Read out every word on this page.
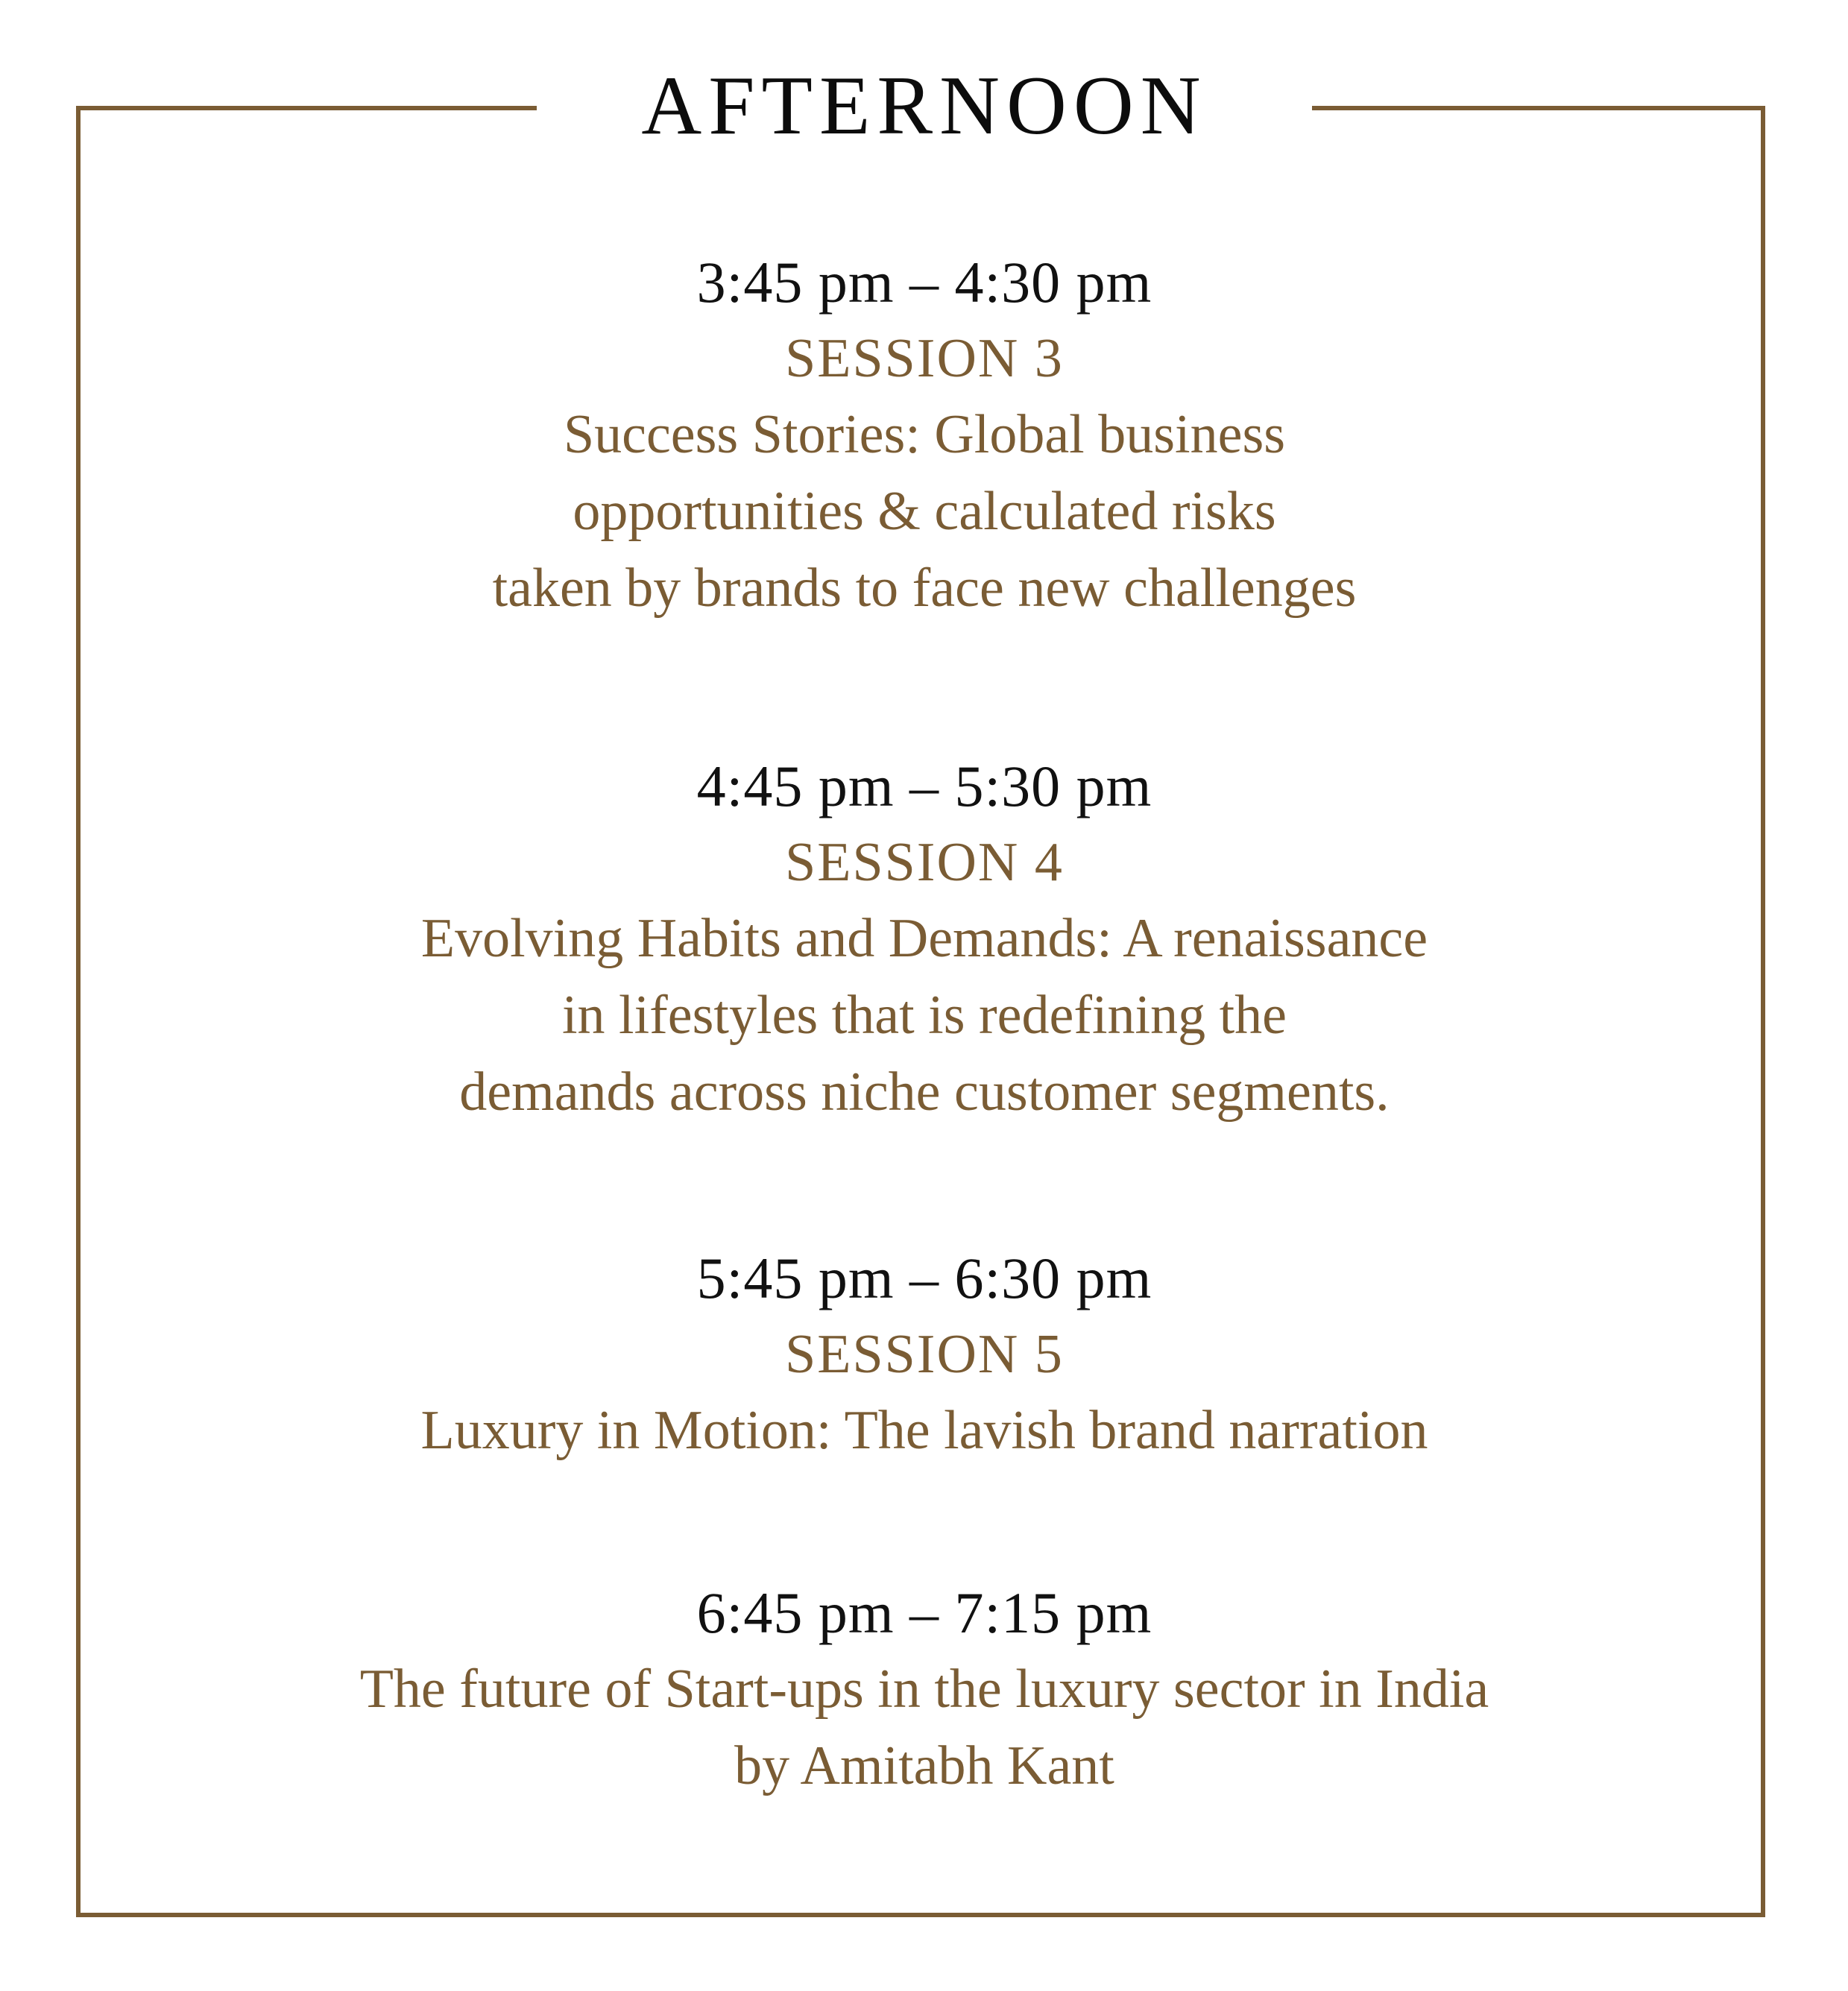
AFTERNOON
3:45 pm – 4:30 pm
SESSION 3
Success Stories: Global business
opportunities & calculated risks
taken by brands to face new challenges
4:45 pm – 5:30 pm
SESSION 4
Evolving Habits and Demands: A renaissance
in lifestyles that is redefining the
demands across niche customer segments.
5:45 pm – 6:30 pm
SESSION 5
Luxury in Motion: The lavish brand narration
6:45 pm – 7:15 pm
The future of Start-ups in the luxury sector in India
by Amitabh Kant
